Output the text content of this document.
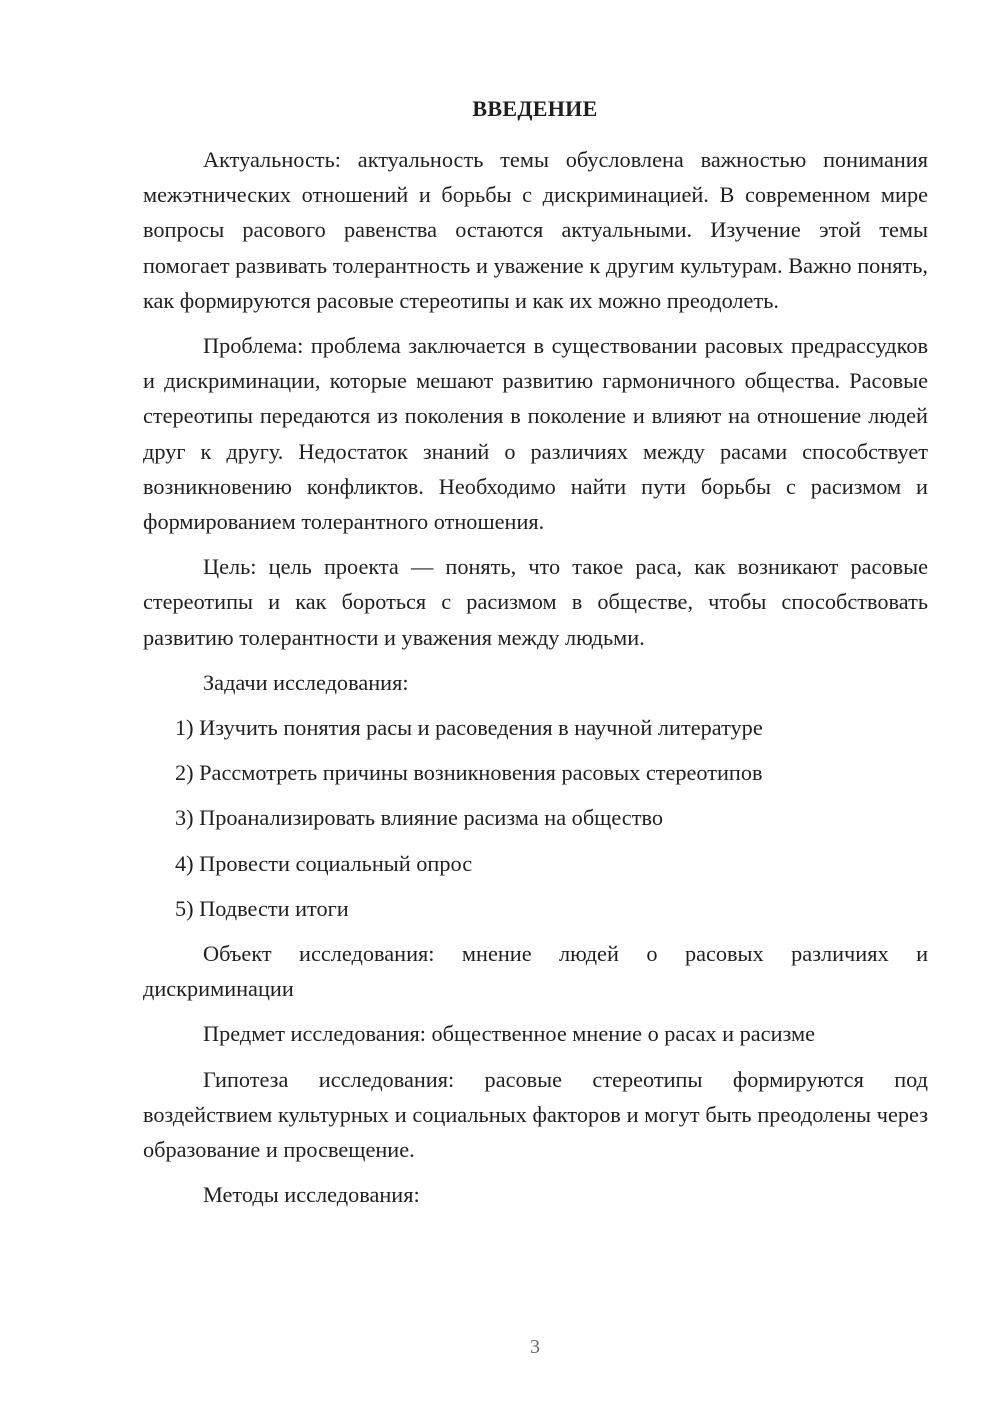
ВВЕДЕНИЕ

Актуальность: актуальность темы обусловлена важностью понимания межэтнических отношений и борьбы с дискриминацией. В современном мире вопросы расового равенства остаются актуальными. Изучение этой темы помогает развивать толерантность и уважение к другим культурам. Важно понять, как формируются расовые стереотипы и как их можно преодолеть.

Проблема: проблема заключается в существовании расовых предрассудков и дискриминации, которые мешают развитию гармоничного общества. Расовые стереотипы передаются из поколения в поколение и влияют на отношение людей друг к другу. Недостаток знаний о различиях между расами способствует возникновению конфликтов. Необходимо найти пути борьбы с расизмом и формированием толерантного отношения.

Цель: цель проекта — понять, что такое раса, как возникают расовые стереотипы и как бороться с расизмом в обществе, чтобы способствовать развитию толерантности и уважения между людьми.

Задачи исследования:

1) Изучить понятия расы и расоведения в научной литературе

2) Рассмотреть причины возникновения расовых стереотипов

3) Проанализировать влияние расизма на общество

4) Провести социальный опрос

5) Подвести итоги

Объект исследования: мнение людей о расовых различиях и дискриминации

Предмет исследования: общественное мнение о расах и расизме

Гипотеза исследования: расовые стереотипы формируются под воздействием культурных и социальных факторов и могут быть преодолены через образование и просвещение.

Методы исследования:

3
